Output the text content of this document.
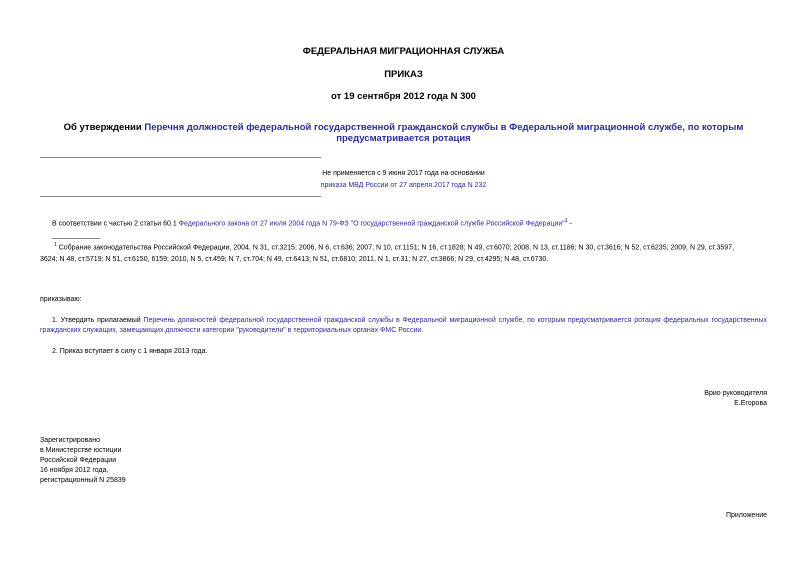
ФЕДЕРАЛЬНАЯ МИГРАЦИОННАЯ СЛУЖБА
ПРИКАЗ
от 19 сентября 2012 года N 300
Об утверждении Перечня должностей федеральной государственной гражданской службы в Федеральной миграционной службе, по которым предусматривается ротация
Не применяется с 9 июня 2017 года на основании
приказа МВД России от 27 апреля 2017 года N 232
В соответствии с частью 2 статьи 60.1 Федерального закона от 27 июля 2004 года N 79-ФЗ "О государственной гражданской службе Российской Федерации"$^1$ -
$^1$ Собрание законодательства Российской Федерации, 2004, N 31, ст.3215; 2006, N 6, ст.636; 2007, N 10, ст.1151; N 16, ст.1828; N 49, ст.6070; 2008, N 13, ст.1186; N 30, ст.3616; N 52, ст.6235; 2009, N 29, ст.3597,
3624; N 48, ст.5719; N 51, ст.6150, 6159; 2010, N 5, ст.459; N 7, ст.704; N 49, ст.6413; N 51, ст.6810; 2011, N 1, ст.31; N 27, ст.3866; N 29, ст.4295; N 48, ст.6730.
приказываю:
1. Утвердить прилагаемый Перечень должностей федеральной государственной гражданской службы в Федеральной миграционной службе, по которым предусматривается ротация федеральных государственных гражданских служащих, замещающих должности категории "руководители" в территориальных органах ФМС России.
2. Приказ вступает в силу с 1 января 2013 года.
Врио руководителя
Е.Егорова
Зарегистрировано
в Министерстве юстиции
Российской Федерации
16 ноября 2012 года,
регистрационный N 25839
Приложение
